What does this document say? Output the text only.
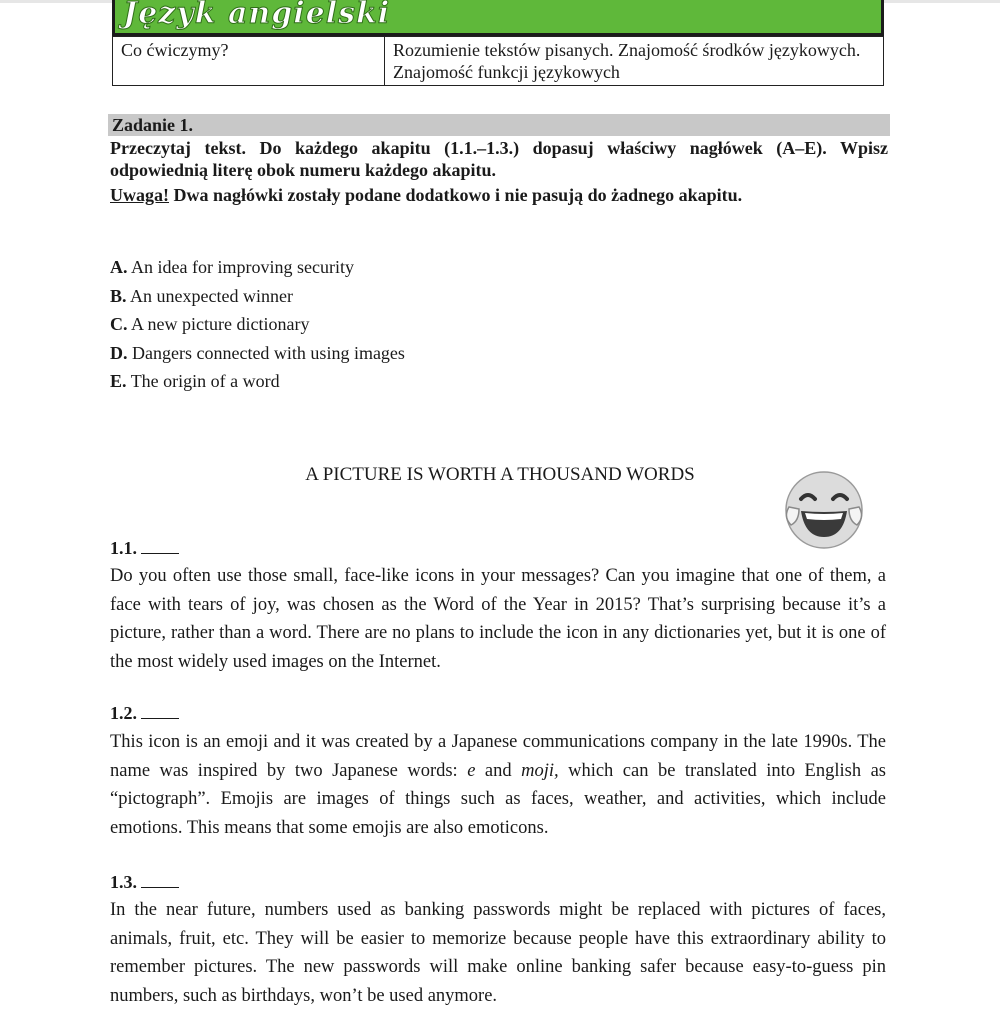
Język angielski
Co ćwiczymy?	Rozumienie tekstów pisanych. Znajomość środków językowych. Znajomość funkcji językowych
Zadanie 1.
Przeczytaj tekst. Do każdego akapitu (1.1.–1.3.) dopasuj właściwy nagłówek (A–E). Wpisz odpowiednią literę obok numeru każdego akapitu.
Uwaga! Dwa nagłówki zostały podane dodatkowo i nie pasują do żadnego akapitu.
A. An idea for improving security
B. An unexpected winner
C. A new picture dictionary
D. Dangers connected with using images
E. The origin of a word
A PICTURE IS WORTH A THOUSAND WORDS
1.1.
Do you often use those small, face-like icons in your messages? Can you imagine that one of them, a face with tears of joy, was chosen as the Word of the Year in 2015? That’s surprising because it’s a picture, rather than a word. There are no plans to include the icon in any dictionaries yet, but it is one of the most widely used images on the Internet.
1.2.
This icon is an emoji and it was created by a Japanese communications company in the late 1990s. The name was inspired by two Japanese words: e and moji, which can be translated into English as “pictograph”. Emojis are images of things such as faces, weather, and activities, which include emotions. This means that some emojis are also emoticons.
1.3.
In the near future, numbers used as banking passwords might be replaced with pictures of faces, animals, fruit, etc. They will be easier to memorize because people have this extraordinary ability to remember pictures. The new passwords will make online banking safer because easy-to-guess pin numbers, such as birthdays, won’t be used anymore.
